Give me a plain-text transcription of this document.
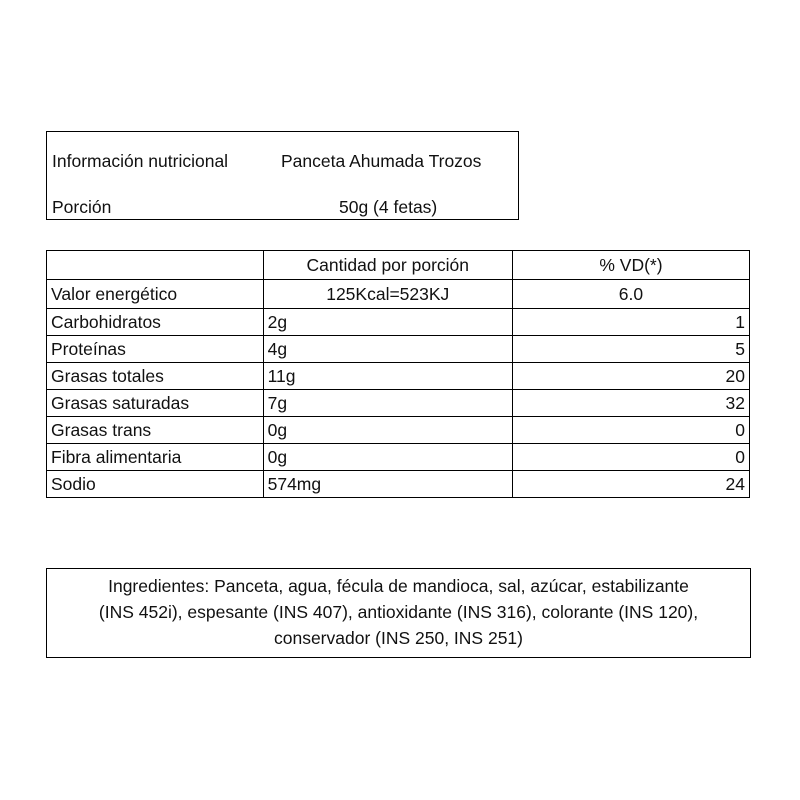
Información nutricional	Panceta Ahumada Trozos
Porción	50g (4 fetas)
	Cantidad por porción	% VD(*)
Valor energético	125Kcal=523KJ	6.0
Carbohidratos	2g	1
Proteínas	4g	5
Grasas totales	11g	20
Grasas saturadas	7g	32
Grasas trans	0g	0
Fibra alimentaria	0g	0
Sodio	574mg	24
Ingredientes: Panceta, agua, fécula de mandioca, sal, azúcar, estabilizante
(INS 452i), espesante (INS 407), antioxidante (INS 316), colorante (INS 120),
conservador (INS 250, INS 251)
